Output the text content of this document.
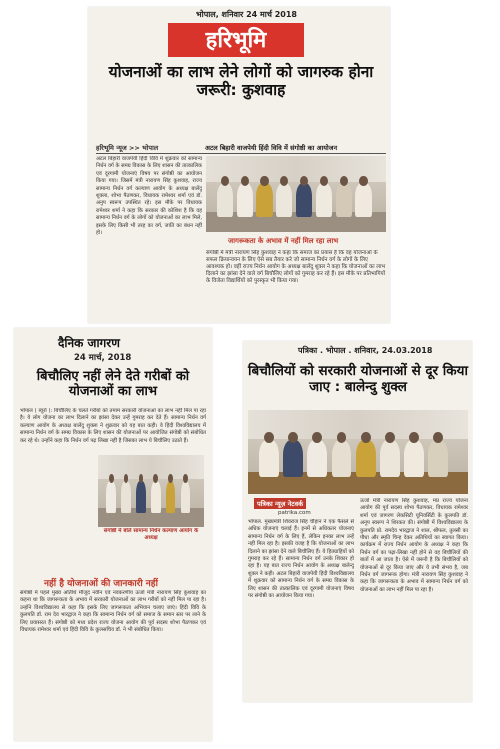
भोपाल, शनिवार 24 मार्च 2018
हरिभूमि
योजनाओं का लाभ लेने लोगों को जागरुक होना जरूरी: कुशवाह
हरिभूमि न्यूज >> भोपाल	अटल बिहारी वाजपेयी हिंदी विवि में संगोष्ठी का आयोजन
अटल बिहारी वाजपेयी हिंदी विवि में शुक्रवार को सामान्य निर्धन वर्ग के समग्र विकास के लिए शासन की तात्कालिक एवं दूरगामी योजनाएं विषय पर संगोष्ठी का आयोजन किया गया। जिसमें मंत्री नारायण सिंह कुशवाह, राज्य सामान्य निर्धन वर्ग कल्याण आयोग के अध्यक्ष बालेंदु शुक्ला, शोभा पैठणकर, विधायक रामेश्वर शर्मा एवं डॉ. अनुप स्वरूप उपस्थित रहे। इस मौके पर विधायक रामेश्वर शर्मा ने कहा कि सरकार की कोशिश है कि वह सामान्य निर्धन वर्ग के लोगों को योजनाओं का लाभ मिले, इसके लिए किसी भी तरह का वर्ग, जाति का बंधन नहीं हो।
जागरूकता के अभाव में नहीं मिल रहा लाभ
संगोष्ठी में मंत्री नारायण सिंह कुशवाह ने कहा कि समाज का प्रयास है कि वह योजनाओं के सफल क्रियान्वयन के लिए ऐसे सब तैयार करे जो सामान्य निर्धन वर्ग के लोगों के लिए आवश्यक हो। वहीं राज्य निर्धन आयोग के अध्यक्ष बालेंदु शुक्ल ने कहा कि योजनाओं का लाभ दिलाने का झांसा देने वाले वर्ग बिचौलिए लोगों को गुमराह कर रहे हैं। इस मौके पर प्रतिभागियों के विजेता विद्यार्थियों को पुरस्कृत भी किया गया।
दैनिक जागरण
24 मार्च, 2018
बिचौलिए नहीं लेने देते गरीबों को योजनाओं का लाभ
भोपाल ( ब्यूरो ): बिचौलिए के चलते गरीबों को तमाम सरकारी योजनाओं का लाभ नहीं मिल पा रहा है। ये लोग योजना का लाभ दिलाने का झांसा देकर उन्हें गुमराह कर देते हैं। सामान्य निर्धन वर्ग कल्याण आयोग के अध्यक्ष बालेंदु शुक्ला ने शुक्रवार को यह बात कही। वे हिंदी विश्वविद्यालय में सामान्य निर्धन वर्ग के समग्र विकास के लिए शासन की योजनाओं पर आयोजित संगोष्ठी को संबोधित कर रहे थे। उन्होंने कहा कि निर्धन वर्ग पढ़ लिखा नहीं है जिसका लाभ ये बिचौलिए उठाते हैं।
संगोष्ठी में बोले सामान्य निर्धन कल्याण आयोग के अध्यक्ष
नहीं है योजनाओं की जानकारी नहीं
संगोष्ठी में पहले मुख्य अतिथि मौजूद नवीन एवं नवकरणीय ऊर्जा मंत्री नारायण सिंह कुशवाह का कहना था कि जागरूकता के अभाव में सरकारी योजनाओं का लाभ गरीबों को नहीं मिल पा रहा है। उन्होंने विश्वविद्यालय से कहा कि इसके लिए जागरूकता अभियान चलाए जाएं। हिंदी विवि के कुलपति डॉ. राम देव भारद्वाज ने कहा कि सामान्य निर्धन वर्ग को समाज के समान स्तर पर लाने के लिए प्रयासरत हैं। संगोष्ठी को मध्य प्रदेश राज्य योजना आयोग की पूर्व सदस्य शोभा पैठणकर एवं विधायक रामेश्वर शर्मा एवं हिंदी विवि के कुलसचिव डॉ. ने भी संबोधित किया।
पत्रिका . भोपाल . शनिवार, 24.03.2018
बिचौलियों को सरकारी योजनाओं से दूर किया जाए : बालेन्दु शुक्ल
पत्रिका न्यूज़ नेटवर्क
patrika.com
भोपाल. मुख्यमंत्री शिवराज सिंह चौहान ने एक फैसले से अधिक योजनाएं चलाई हैं। इनमें से अधिकतर योजनाएं सामान्य निर्धन वर्ग के लिए हैं, लेकिन इनका लाभ उन्हें नहीं मिल रहा है। इसकी वजह है कि योजनाओं का लाभ दिलाने का झांसा देने वाले बिचौलिए हैं। ये हितग्राहियों को गुमराह कर रहे हैं। सामान्य निर्धन वर्ग उनके शिकार हो रहा है। यह बात राज्य निर्धन आयोग के अध्यक्ष बालेन्दु शुक्ल ने कही। अटल बिहारी वाजपेयी हिंदी विश्वविद्यालय में शुक्रवार को सामान्य निर्धन वर्ग के समग्र विकास के लिए शासन की तात्कालिक एवं दूरगामी योजनाएं विषय पर संगोष्ठी का आयोजन किया गया।
ऊर्जा मंत्री नारायण सिंह कुशवाह, मप्र राज्य योजना आयोग की पूर्व सदस्य शोभा पैठणकर, विधायक रामेश्वर शर्मा एवं जागरण लेकसिटी यूनिवर्सिटी के कुलपति डॉ. अनूप स्वरूप ने शिरकत की। संगोष्ठी में विश्वविद्यालय के कुलपति प्रो. रामदेव भारद्वाज ने शाल, श्रीफल, तुलसी का पौधा और स्मृति चिन्ह देकर अतिथियों का स्वागत किया। कार्यक्रम में राज्य निर्धन आयोग के अध्यक्ष ने कहा कि निर्धन वर्ग का पढ़ा-लिखा नहीं होने से वह बिचौलियों की बातों में आ जाता है। ऐसे में जरूरी है कि बिचौलियों को योजनाओं से दूर किया जाए और ये तभी संभव है, जब निर्धन वर्ग जागरूक होगा। मंत्री नारायण सिंह कुशवाह ने कहा कि जागरूकता के अभाव में सामान्य निर्धन वर्ग को योजनाओं का लाभ नहीं मिल पा रहा है।
